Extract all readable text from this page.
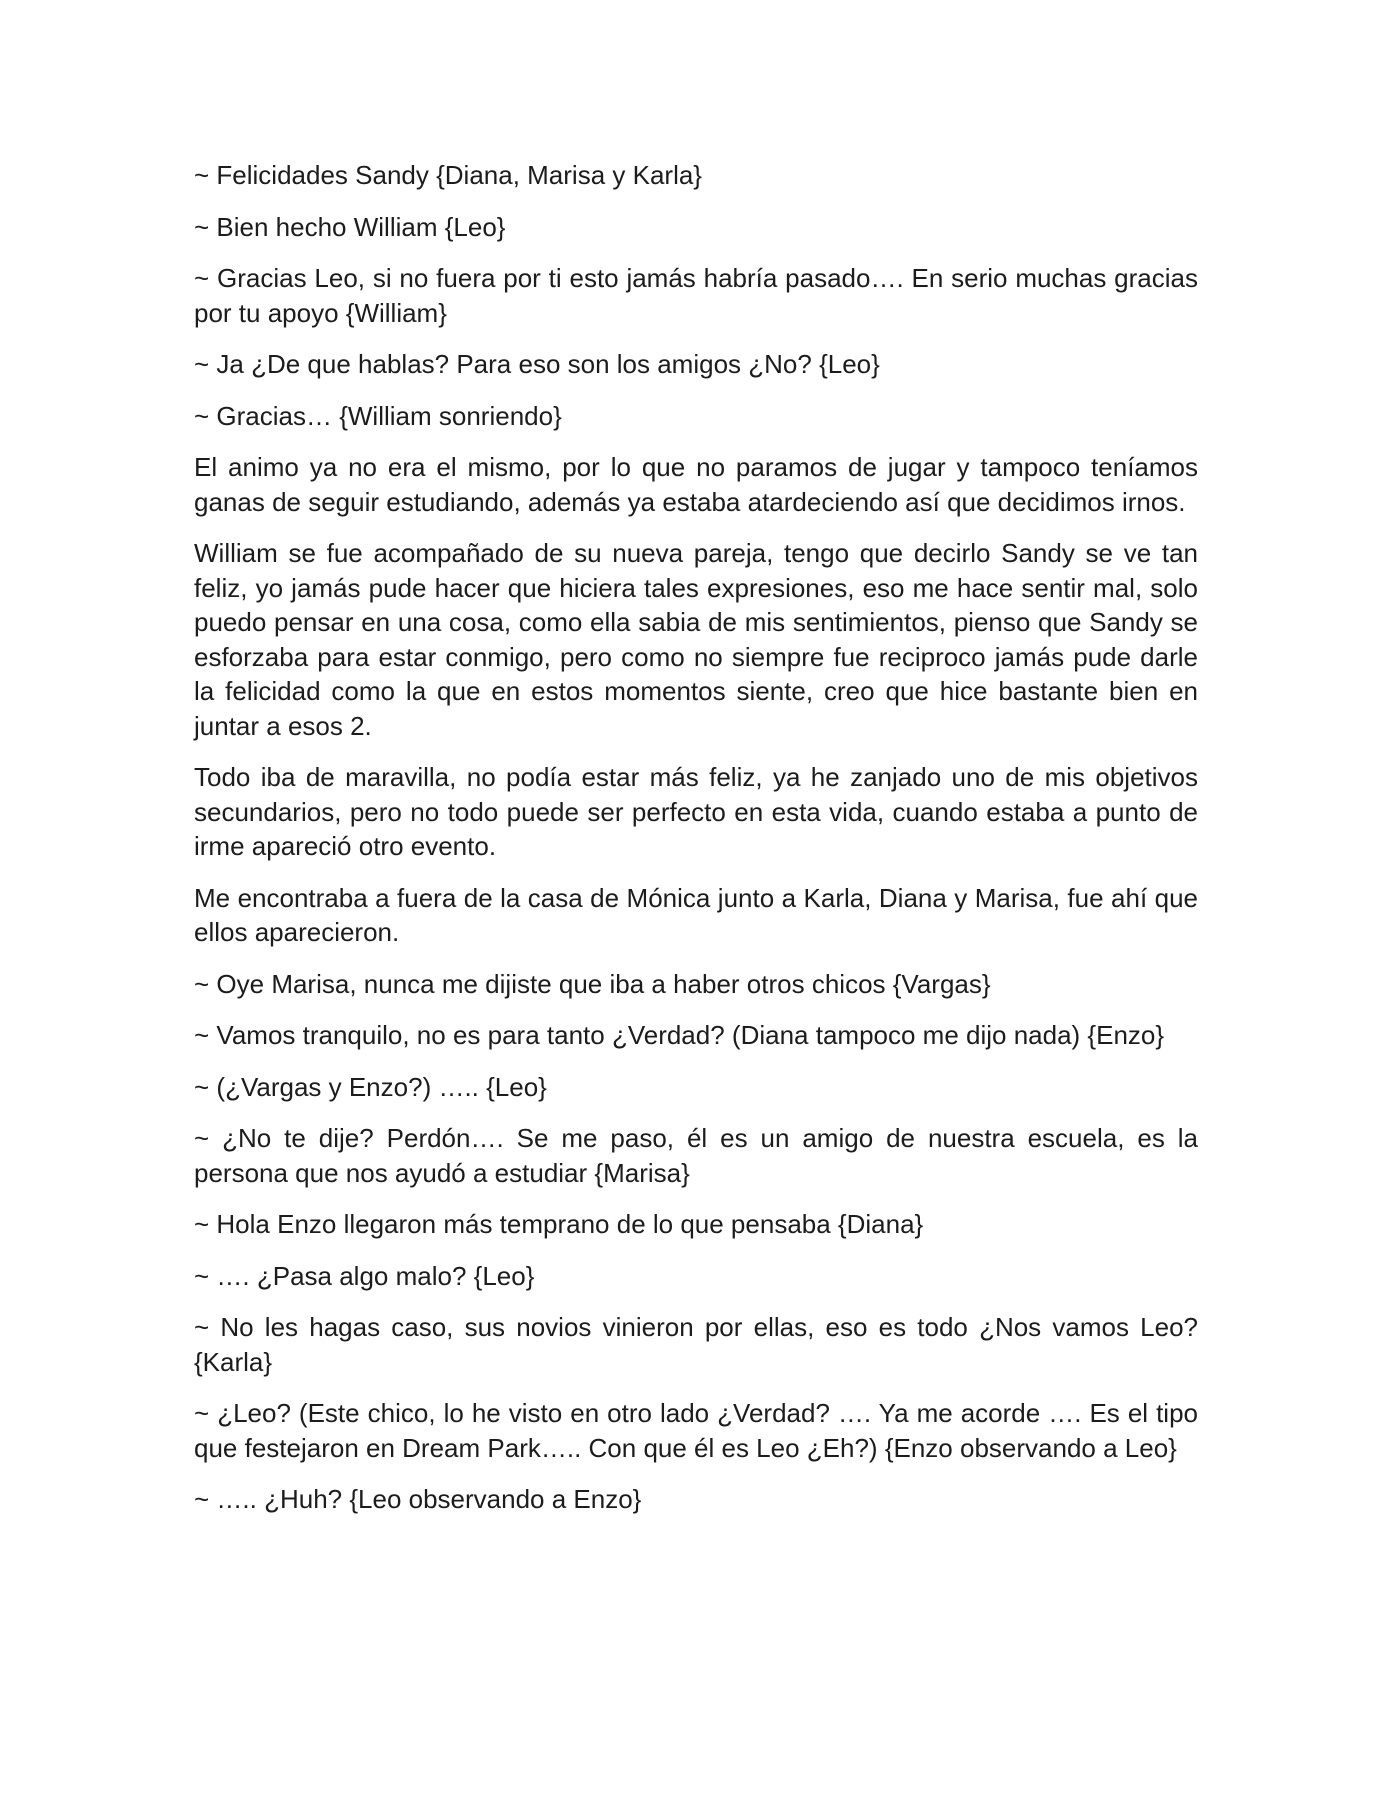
~ Felicidades Sandy {Diana, Marisa y Karla}

~ Bien hecho William {Leo}

~ Gracias Leo, si no fuera por ti esto jamás habría pasado…. En serio muchas gracias por tu apoyo {William}

~ Ja ¿De que hablas? Para eso son los amigos ¿No? {Leo}

~ Gracias… {William sonriendo}

El animo ya no era el mismo, por lo que no paramos de jugar y tampoco teníamos ganas de seguir estudiando, además ya estaba atardeciendo así que decidimos irnos.

William se fue acompañado de su nueva pareja, tengo que decirlo Sandy se ve tan feliz, yo jamás pude hacer que hiciera tales expresiones, eso me hace sentir mal, solo puedo pensar en una cosa, como ella sabia de mis sentimientos, pienso que Sandy se esforzaba para estar conmigo, pero como no siempre fue reciproco jamás pude darle la felicidad como la que en estos momentos siente, creo que hice bastante bien en juntar a esos 2.

Todo iba de maravilla, no podía estar más feliz, ya he zanjado uno de mis objetivos secundarios, pero no todo puede ser perfecto en esta vida, cuando estaba a punto de irme apareció otro evento.

Me encontraba a fuera de la casa de Mónica junto a Karla, Diana y Marisa, fue ahí que ellos aparecieron.

~ Oye Marisa, nunca me dijiste que iba a haber otros chicos {Vargas}

~ Vamos tranquilo, no es para tanto ¿Verdad? (Diana tampoco me dijo nada) {Enzo}

~ (¿Vargas y Enzo?) ….. {Leo}

~ ¿No te dije? Perdón…. Se me paso, él es un amigo de nuestra escuela, es la persona que nos ayudó a estudiar {Marisa}

~ Hola Enzo llegaron más temprano de lo que pensaba {Diana}

~ …. ¿Pasa algo malo? {Leo}

~ No les hagas caso, sus novios vinieron por ellas, eso es todo ¿Nos vamos Leo? {Karla}

~ ¿Leo? (Este chico, lo he visto en otro lado ¿Verdad? …. Ya me acorde …. Es el tipo que festejaron en Dream Park….. Con que él es Leo ¿Eh?) {Enzo observando a Leo}

~ ….. ¿Huh? {Leo observando a Enzo}
